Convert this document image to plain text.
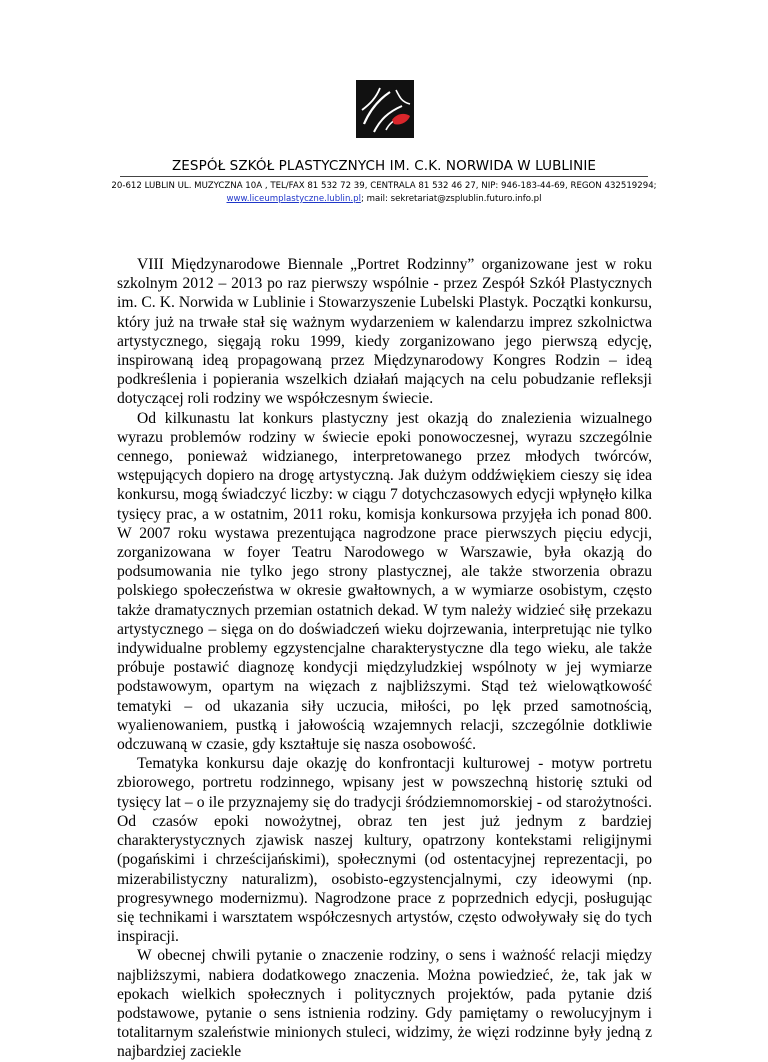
ZESPÓŁ SZKÓŁ PLASTYCZNYCH IM. C.K. NORWIDA W LUBLINIE
20-612 LUBLIN UL. MUZYCZNA 10A , TEL/FAX 81 532 72 39, CENTRALA 81 532 46 27, NIP: 946-183-44-69, REGON 432519294;
www.liceumplastyczne.lublin.pl; mail: sekretariat@zsplublin.futuro.info.pl

VIII Międzynarodowe Biennale „Portret Rodzinny” organizowane jest w roku szkolnym 2012 – 2013 po raz pierwszy wspólnie - przez Zespół Szkół Plastycznych im. C. K. Norwida w Lublinie i Stowarzyszenie Lubelski Plastyk. Początki konkursu, który już na trwałe stał się ważnym wydarzeniem w kalendarzu imprez szkolnictwa artystycznego, sięgają roku 1999, kiedy zorganizowano jego pierwszą edycję, inspirowaną ideą propagowaną przez Międzynarodowy Kongres Rodzin – ideą podkreślenia i popierania wszelkich działań mających na celu pobudzanie refleksji dotyczącej roli rodziny we współczesnym świecie.

Od kilkunastu lat konkurs plastyczny jest okazją do znalezienia wizualnego wyrazu problemów rodziny w świecie epoki ponowoczesnej, wyrazu szczególnie cennego, ponieważ widzianego, interpretowanego przez młodych twórców, wstępujących dopiero na drogę artystyczną. Jak dużym oddźwiękiem cieszy się idea konkursu, mogą świadczyć liczby: w ciągu 7 dotychczasowych edycji wpłynęło kilka tysięcy prac, a w ostatnim, 2011 roku, komisja konkursowa przyjęła ich ponad 800. W 2007 roku wystawa prezentująca nagrodzone prace pierwszych pięciu edycji, zorganizowana w foyer Teatru Narodowego w Warszawie, była okazją do podsumowania nie tylko jego strony plastycznej, ale także stworzenia obrazu polskiego społeczeństwa w okresie gwałtownych, a w wymiarze osobistym, często także dramatycznych przemian ostatnich dekad. W tym należy widzieć siłę przekazu artystycznego – sięga on do doświadczeń wieku dojrzewania, interpretując nie tylko indywidualne problemy egzystencjalne charakterystyczne dla tego wieku, ale także próbuje postawić diagnozę kondycji międzyludzkiej wspólnoty w jej wymiarze podstawowym, opartym na więzach z najbliższymi. Stąd też wielowątkowość tematyki – od ukazania siły uczucia, miłości, po lęk przed samotnością, wyalienowaniem, pustką i jałowością wzajemnych relacji, szczególnie dotkliwie odczuwaną w czasie, gdy kształtuje się nasza osobowość.

Tematyka konkursu daje okazję do konfrontacji kulturowej - motyw portretu zbiorowego, portretu rodzinnego, wpisany jest w powszechną historię sztuki od tysięcy lat – o ile przyznajemy się do tradycji śródziemnomorskiej - od starożytności. Od czasów epoki nowożytnej, obraz ten jest już jednym z bardziej charakterystycznych zjawisk naszej kultury, opatrzony kontekstami religijnymi (pogańskimi i chrześcijańskimi), społecznymi (od ostentacyjnej reprezentacji, po mizerabilistyczny naturalizm), osobisto-egzystencjalnymi, czy ideowymi (np. progresywnego modernizmu). Nagrodzone prace z poprzednich edycji, posługując się technikami i warsztatem współczesnych artystów, często odwoływały się do tych inspiracji.

W obecnej chwili pytanie o znaczenie rodziny, o sens i ważność relacji między najbliższymi, nabiera dodatkowego znaczenia. Można powiedzieć, że, tak jak w epokach wielkich społecznych i politycznych projektów, pada pytanie dziś podstawowe, pytanie o sens istnienia rodziny. Gdy pamiętamy o rewolucyjnym i totalitarnym szaleństwie minionych stuleci, widzimy, że więzi rodzinne były jedną z najbardziej zaciekle
